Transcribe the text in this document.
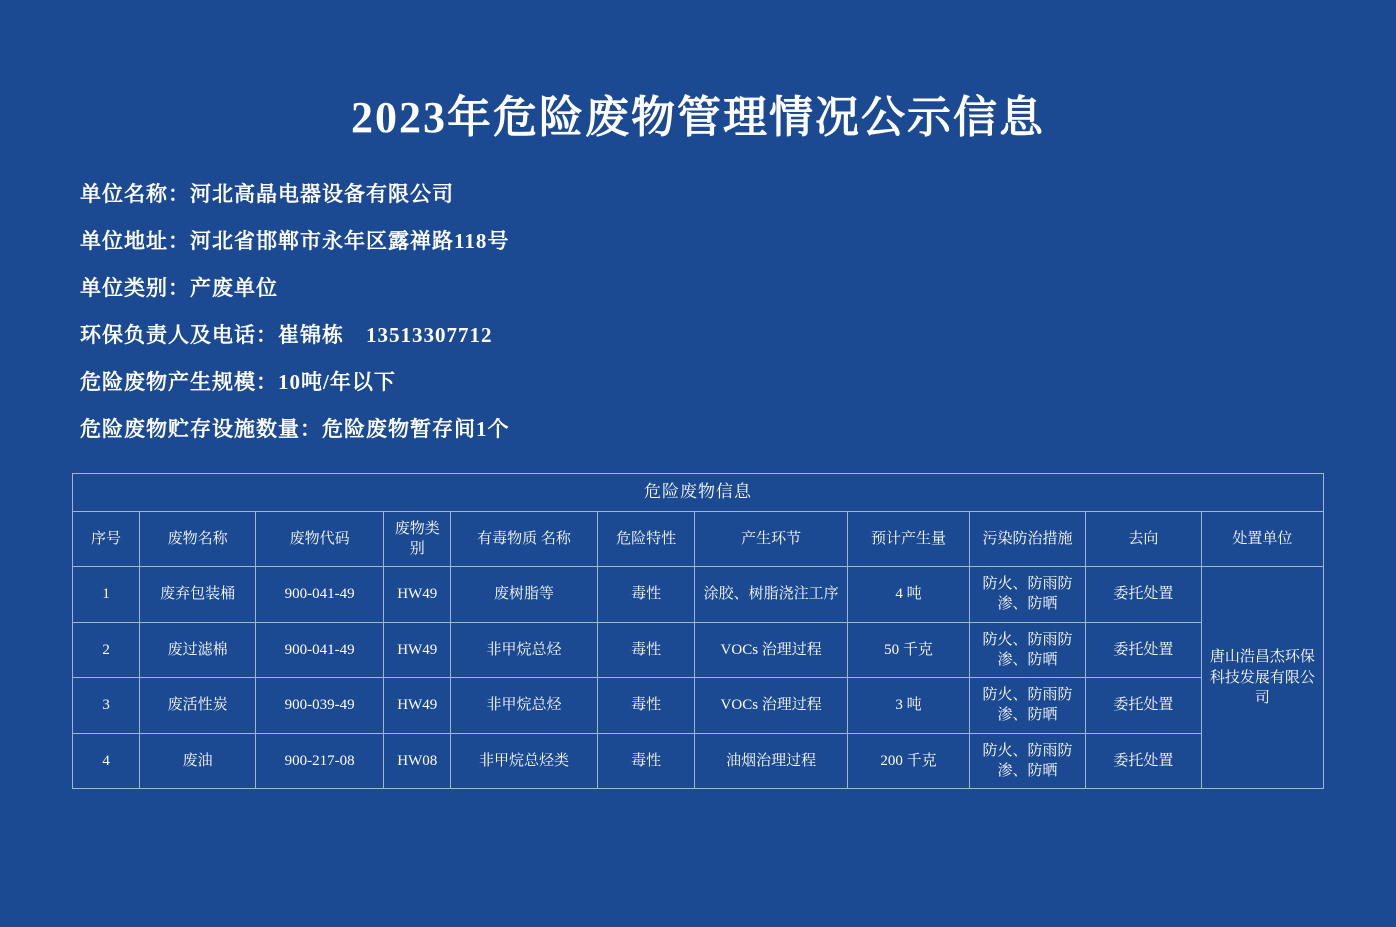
2023年危险废物管理情况公示信息
单位名称：河北高晶电器设备有限公司
单位地址：河北省邯郸市永年区露禅路118号
单位类别：产废单位
环保负责人及电话：崔锦栋　13513307712
危险废物产生规模：10吨/年以下
危险废物贮存设施数量：危险废物暂存间1个
危险废物信息										
序号	废物名称	废物代码	废物类别	有毒物质 名称	危险特性	产生环节	预计产生量	污染防治措施	去向	处置单位
1	废弃包装桶	900-041-49	HW49	废树脂等	毒性	涂胶、树脂浇注工序	4 吨	防火、防雨防渗、防晒	委托处置	唐山浩昌杰环保科技发展有限公司
2	废过滤棉	900-041-49	HW49	非甲烷总烃	毒性	VOCs 治理过程	50 千克	防火、防雨防渗、防晒	委托处置	
3	废活性炭	900-039-49	HW49	非甲烷总烃	毒性	VOCs 治理过程	3 吨	防火、防雨防渗、防晒	委托处置	
4	废油	900-217-08	HW08	非甲烷总烃类	毒性	油烟治理过程	200 千克	防火、防雨防渗、防晒	委托处置	
